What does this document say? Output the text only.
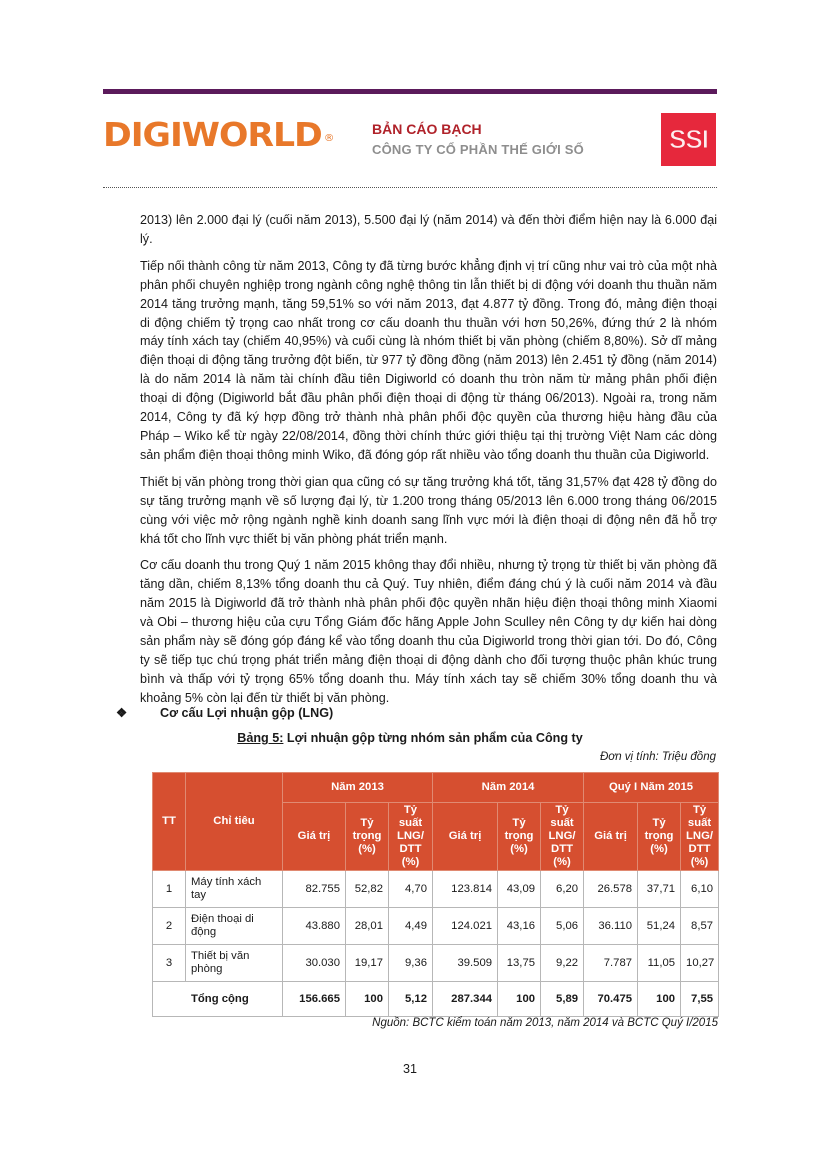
DIGIWORLD ®
BẢN CÁO BẠCH
CÔNG TY CỔ PHẦN THẾ GIỚI SỐ	SSI

2013) lên 2.000 đại lý (cuối năm 2013), 5.500 đại lý (năm 2014) và đến thời điểm hiện nay là 6.000 đại lý.

Tiếp nối thành công từ năm 2013, Công ty đã từng bước khẳng định vị trí cũng như vai trò của một nhà phân phối chuyên nghiệp trong ngành công nghệ thông tin lẫn thiết bị di động với doanh thu thuần năm 2014 tăng trưởng mạnh, tăng 59,51% so với năm 2013, đạt 4.877 tỷ đồng. Trong đó, mảng điện thoại di động chiếm tỷ trọng cao nhất trong cơ cấu doanh thu thuần với hơn 50,26%, đứng thứ 2 là nhóm máy tính xách tay (chiếm 40,95%) và cuối cùng là nhóm thiết bị văn phòng (chiếm 8,80%). Sở dĩ mảng điện thoại di động tăng trưởng đột biến, từ 977 tỷ đồng đồng (năm 2013) lên 2.451 tỷ đồng (năm 2014) là do năm 2014 là năm tài chính đầu tiên Digiworld có doanh thu tròn năm từ mảng phân phối điện thoại di động (Digiworld bắt đầu phân phối điện thoại di động từ tháng 06/2013). Ngoài ra, trong năm 2014, Công ty đã ký hợp đồng trở thành nhà phân phối độc quyền của thương hiệu hàng đầu của Pháp – Wiko kể từ ngày 22/08/2014, đồng thời chính thức giới thiệu tại thị trường Việt Nam các dòng sản phẩm điện thoại thông minh Wiko, đã đóng góp rất nhiều vào tổng doanh thu thuần của Digiworld.

Thiết bị văn phòng trong thời gian qua cũng có sự tăng trưởng khá tốt, tăng 31,57% đạt 428 tỷ đồng do sự tăng trưởng mạnh về số lượng đại lý, từ 1.200 trong tháng 05/2013 lên 6.000 trong tháng 06/2015 cùng với việc mở rộng ngành nghề kinh doanh sang lĩnh vực mới là điện thoại di động nên đã hỗ trợ khá tốt cho lĩnh vực thiết bị văn phòng phát triển mạnh.

Cơ cấu doanh thu trong Quý 1 năm 2015 không thay đổi nhiều, nhưng tỷ trọng từ thiết bị văn phòng đã tăng dần, chiếm 8,13% tổng doanh thu cả Quý. Tuy nhiên, điểm đáng chú ý là cuối năm 2014 và đầu năm 2015 là Digiworld đã trở thành nhà phân phối độc quyền nhãn hiệu điện thoại thông minh Xiaomi và Obi – thương hiệu của cựu Tổng Giám đốc hãng Apple John Sculley nên Công ty dự kiến hai dòng sản phẩm này sẽ đóng góp đáng kể vào tổng doanh thu của Digiworld trong thời gian tới. Do đó, Công ty sẽ tiếp tục chú trọng phát triển mảng điện thoại di động dành cho đối tượng thuộc phân khúc trung bình và thấp với tỷ trọng 65% tổng doanh thu. Máy tính xách tay sẽ chiếm 30% tổng doanh thu và khoảng 5% còn lại đến từ thiết bị văn phòng.

❖	Cơ cấu Lợi nhuận gộp (LNG)
Bảng 5: Lợi nhuận gộp từng nhóm sản phẩm của Công ty
Đơn vị tính: Triệu đồng
TT	Chỉ tiêu	Năm 2013			Năm 2014			Quý I Năm 2015		
		Giá trị	Tỷ trọng (%)	Tỷ suất LNG/ DTT (%)	Giá trị	Tỷ trọng (%)	Tỷ suất LNG/ DTT (%)	Giá trị	Tỷ trọng (%)	Tỷ suất LNG/ DTT (%)
1	Máy tính xách tay	82.755	52,82	4,70	123.814	43,09	6,20	26.578	37,71	6,10
2	Điện thoại di động	43.880	28,01	4,49	124.021	43,16	5,06	36.110	51,24	8,57
3	Thiết bị văn phòng	30.030	19,17	9,36	39.509	13,75	9,22	7.787	11,05	10,27
Tổng cộng		156.665	100	5,12	287.344	100	5,89	70.475	100	7,55
Nguồn: BCTC kiểm toán năm 2013, năm 2014 và BCTC Quý I/2015
31
